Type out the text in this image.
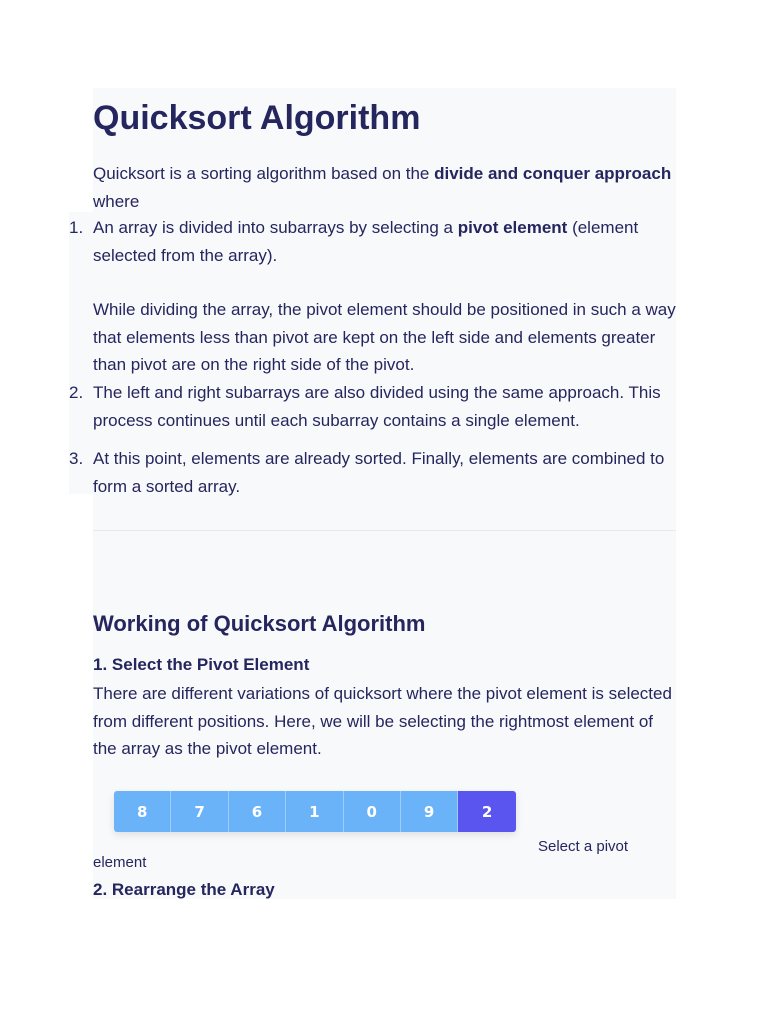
Quicksort Algorithm

Quicksort is a sorting algorithm based on the divide and conquer approach where

1. An array is divided into subarrays by selecting a pivot element (element selected from the array).

While dividing the array, the pivot element should be positioned in such a way that elements less than pivot are kept on the left side and elements greater than pivot are on the right side of the pivot.

2. The left and right subarrays are also divided using the same approach. This process continues until each subarray contains a single element.

3. At this point, elements are already sorted. Finally, elements are combined to form a sorted array.

Working of Quicksort Algorithm

1. Select the Pivot Element

There are different variations of quicksort where the pivot element is selected from different positions. Here, we will be selecting the rightmost element of the array as the pivot element.

8	7	6	1	0	9	2
Select a pivot
element

2. Rearrange the Array
